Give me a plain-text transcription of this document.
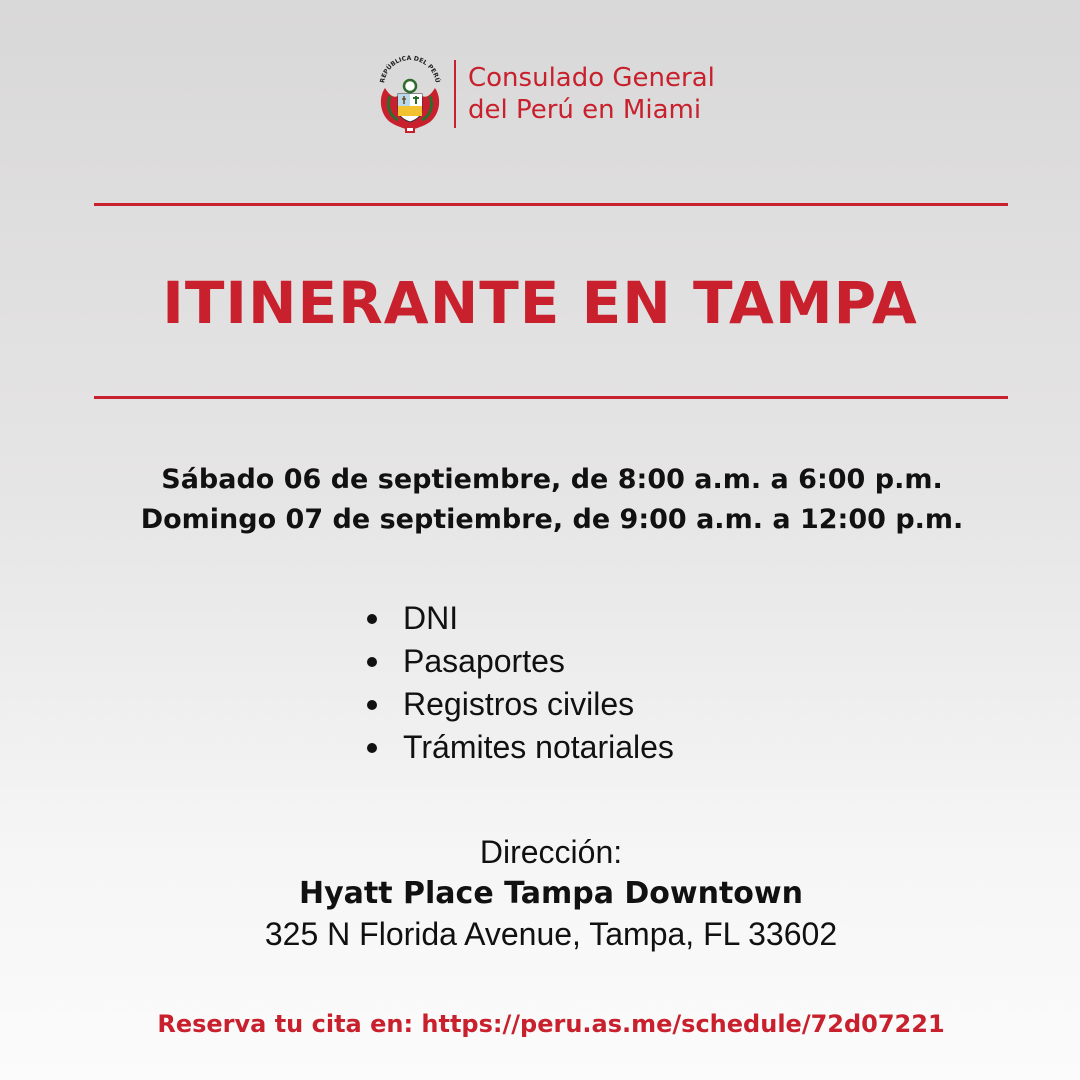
REPÚBLICA DEL PERÚ Consulado General
del Perú en Miami
ITINERANTE EN TAMPA
Sábado 06 de septiembre, de 8:00 a.m. a 6:00 p.m.
Domingo 07 de septiembre, de 9:00 a.m. a 12:00 p.m.
DNI
Pasaportes
Registros civiles
Trámites notariales
Dirección:
Hyatt Place Tampa Downtown
325 N Florida Avenue, Tampa, FL 33602
Reserva tu cita en: https://peru.as.me/schedule/72d07221
